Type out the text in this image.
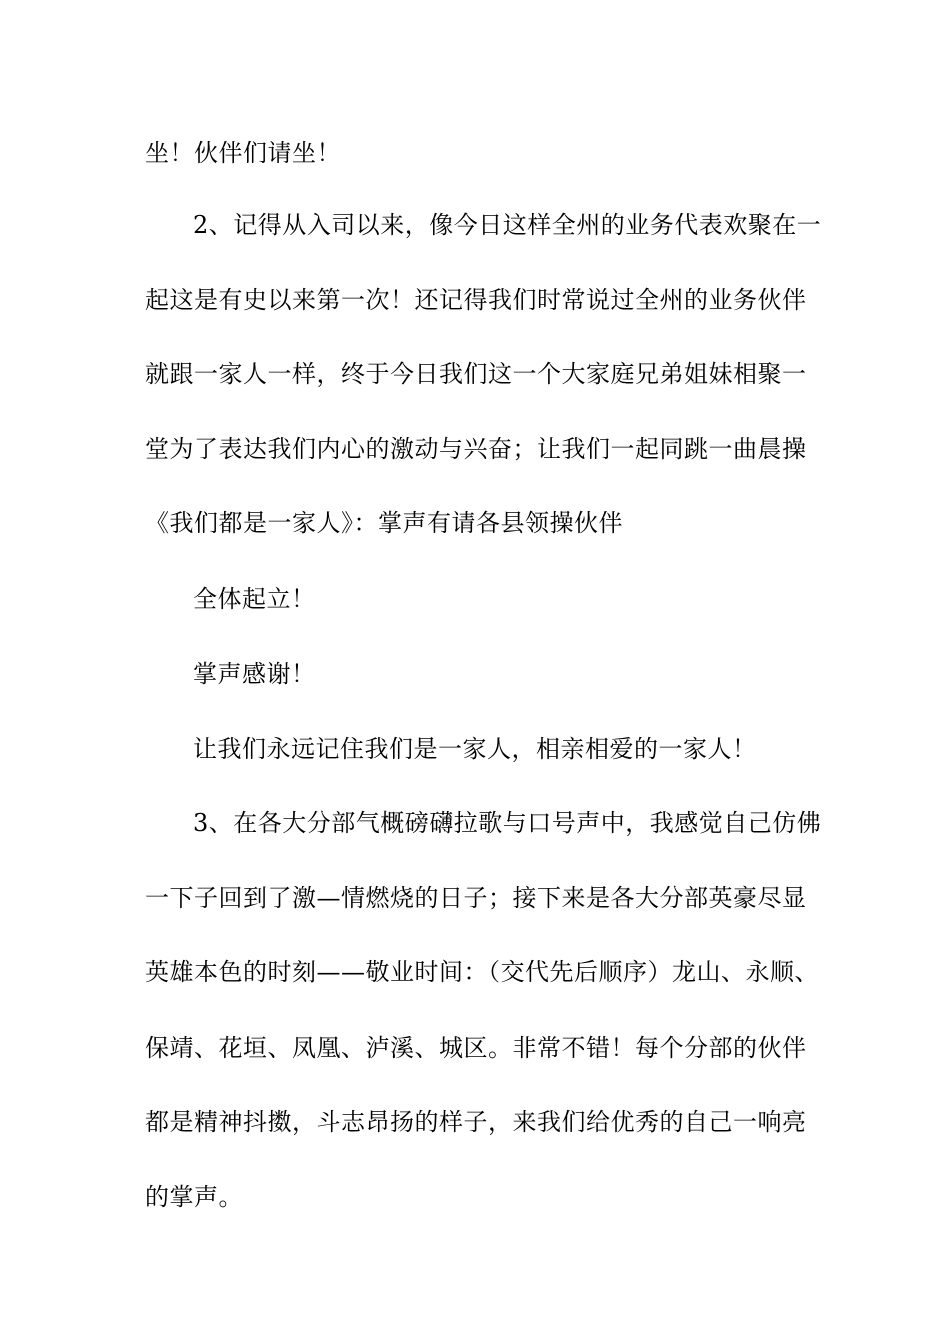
坐！伙伴们请坐！
2、记得从入司以来，像今日这样全州的业务代表欢聚在一
起这是有史以来第一次！还记得我们时常说过全州的业务伙伴
就跟一家人一样，终于今日我们这一个大家庭兄弟姐妹相聚一
堂为了表达我们内心的激动与兴奋；让我们一起同跳一曲晨操
《我们都是一家人》：掌声有请各县领操伙伴
全体起立！
掌声感谢！
让我们永远记住我们是一家人，相亲相爱的一家人！
3、在各大分部气概磅礴拉歌与口号声中，我感觉自己仿佛
一下子回到了激—情燃烧的日子；接下来是各大分部英豪尽显
英雄本色的时刻——敬业时间：（交代先后顺序）龙山、永顺、
保靖、花垣、凤凰、泸溪、城区。非常不错！每个分部的伙伴
都是精神抖擞，斗志昂扬的样子，来我们给优秀的自己一响亮
的掌声。
